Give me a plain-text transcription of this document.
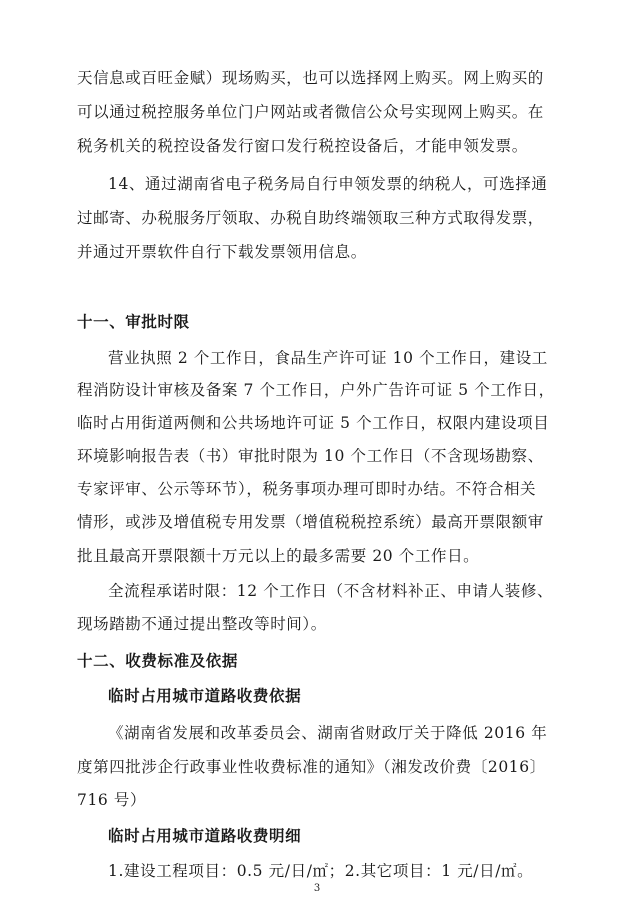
天信息或百旺金赋）现场购买，也可以选择网上购买。网上购买的
可以通过税控服务单位门户网站或者微信公众号实现网上购买。在
税务机关的税控设备发行窗口发行税控设备后，才能申领发票。
14、通过湖南省电子税务局自行申领发票的纳税人，可选择通
过邮寄、办税服务厅领取、办税自助终端领取三种方式取得发票，
并通过开票软件自行下载发票领用信息。
十一、审批时限
营业执照 2 个工作日，食品生产许可证 10 个工作日，建设工
程消防设计审核及备案 7 个工作日，户外广告许可证 5 个工作日，
临时占用街道两侧和公共场地许可证 5 个工作日，权限内建设项目
环境影响报告表（书）审批时限为 10 个工作日（不含现场勘察、
专家评审、公示等环节），税务事项办理可即时办结。不符合相关
情形，或涉及增值税专用发票（增值税税控系统）最高开票限额审
批且最高开票限额十万元以上的最多需要 20 个工作日。
全流程承诺时限：12 个工作日（不含材料补正、申请人装修、
现场踏勘不通过提出整改等时间）。
十二、收费标准及依据
临时占用城市道路收费依据
《湖南省发展和改革委员会、湖南省财政厅关于降低 2016 年
度第四批涉企行政事业性收费标准的通知》（湘发改价费〔2016〕
716 号）
临时占用城市道路收费明细
1.建设工程项目：0.5 元/日/㎡；2.其它项目：1 元/日/㎡。
3
